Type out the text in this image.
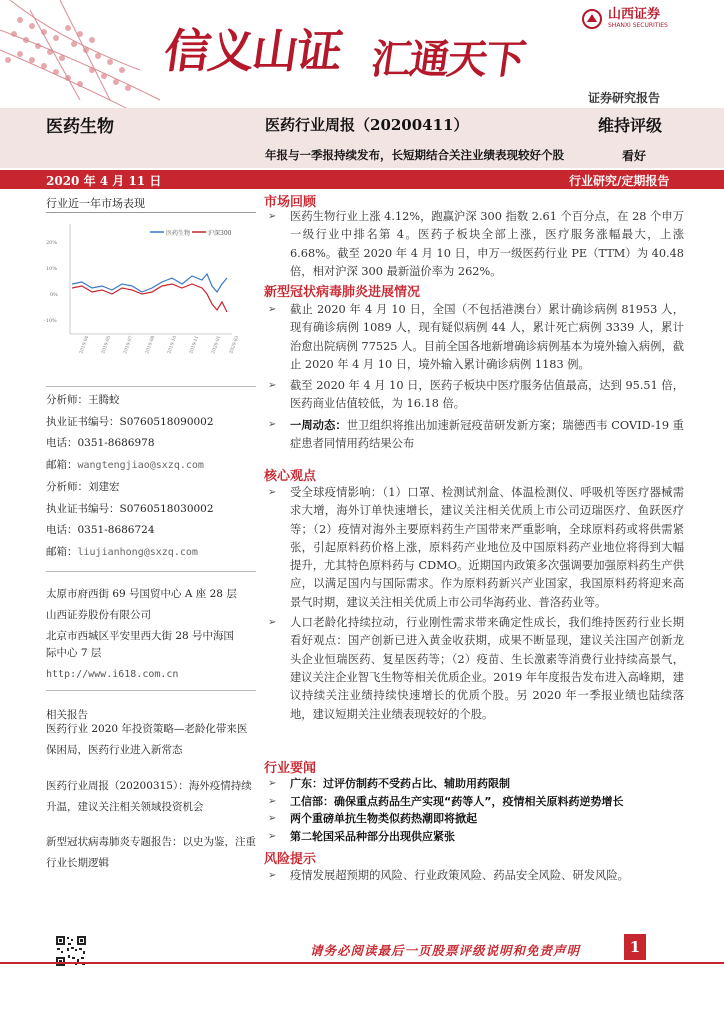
信义山证 汇通天下
山西证券
SHANXI SECURITIES
证券研究报告
医药生物	医药行业周报（20200411）	维持评级
年报与一季报持续发布，长短期结合关注业绩表现较好个股	看好
2020 年 4 月 11 日	行业研究/定期报告
行业近一年市场表现
医药生物	沪深300
20%
10%
0%
-10%
2019-04 2019-05 2019-07 2019-08 2019-10 2019-11 2020-01 2020-03
分析师：王腾蛟
执业证书编号：S0760518090002
电话：0351-8686978
邮箱：wangtengjiao@sxzq.com
分析师：刘建宏
执业证书编号：S0760518030002
电话：0351-8686724
邮箱：liujianhong@sxzq.com
太原市府西街 69 号国贸中心 A 座 28 层
山西证券股份有限公司
北京市西城区平安里西大街 28 号中海国
际中心 7 层
http://www.i618.com.cn
相关报告
医药行业 2020 年投资策略—老龄化带来医保困局，医药行业进入新常态
医药行业周报（20200315）：海外疫情持续升温，建议关注相关领域投资机会
新型冠状病毒肺炎专题报告：以史为鉴，注重行业长期逻辑
市场回顾
➢ 医药生物行业上涨 4.12%，跑赢沪深 300 指数 2.61 个百分点，在 28 个申万一级行业中排名第 4。医药子板块全部上涨，医疗服务涨幅最大，上涨 6.68%。截至 2020 年 4 月 10 日，申万一级医药行业 PE（TTM）为 40.48 倍，相对沪深 300 最新溢价率为 262%。
新型冠状病毒肺炎进展情况
➢ 截止 2020 年 4 月 10 日，全国（不包括港澳台）累计确诊病例 81953 人，现有确诊病例 1089 人，现有疑似病例 44 人，累计死亡病例 3339 人，累计治愈出院病例 77525 人。目前全国各地新增确诊病例基本为境外输入病例，截止 2020 年 4 月 10 日，境外输入累计确诊病例 1183 例。
➢ 截至 2020 年 4 月 10 日，医药子板块中医疗服务估值最高，达到 95.51 倍，医药商业估值较低，为 16.18 倍。
➢ 一周动态：世卫组织将推出加速新冠疫苗研发新方案；瑞德西韦 COVID-19 重症患者同情用药结果公布
核心观点
➢ 受全球疫情影响：（1）口罩、检测试剂盒、体温检测仪、呼吸机等医疗器械需求大增，海外订单快速增长，建议关注相关优质上市公司迈瑞医疗、鱼跃医疗等；（2）疫情对海外主要原料药生产国带来严重影响，全球原料药或将供需紧张，引起原料药价格上涨，原料药产业地位及中国原料药产业地位将得到大幅提升，尤其特色原料药与 CDMO。近期国内政策多次强调要加强原料药生产供应，以满足国内与国际需求。作为原料药新兴产业国家，我国原料药将迎来高景气时期，建议关注相关优质上市公司华海药业、普洛药业等。
➢ 人口老龄化持续拉动，行业刚性需求带来确定性成长，我们维持医药行业长期看好观点：国产创新已进入黄金收获期，成果不断显现，建议关注国产创新龙头企业恒瑞医药、复星医药等；（2）疫苗、生长激素等消费行业持续高景气，建议关注企业智飞生物等相关优质企业。2019 年年度报告发布进入高峰期，建议持续关注业绩持续快速增长的优质个股。另 2020 年一季报业绩也陆续落地，建议短期关注业绩表现较好的个股。
行业要闻
➢ 广东：过评仿制药不受药占比、辅助用药限制
➢ 工信部：确保重点药品生产实现“药等人”，疫情相关原料药逆势增长
➢ 两个重磅单抗生物类似药热潮即将掀起
➢ 第二轮国采品种部分出现供应紧张
风险提示
➢ 疫情发展超预期的风险、行业政策风险、药品安全风险、研发风险。
请务必阅读最后一页股票评级说明和免责声明	1
